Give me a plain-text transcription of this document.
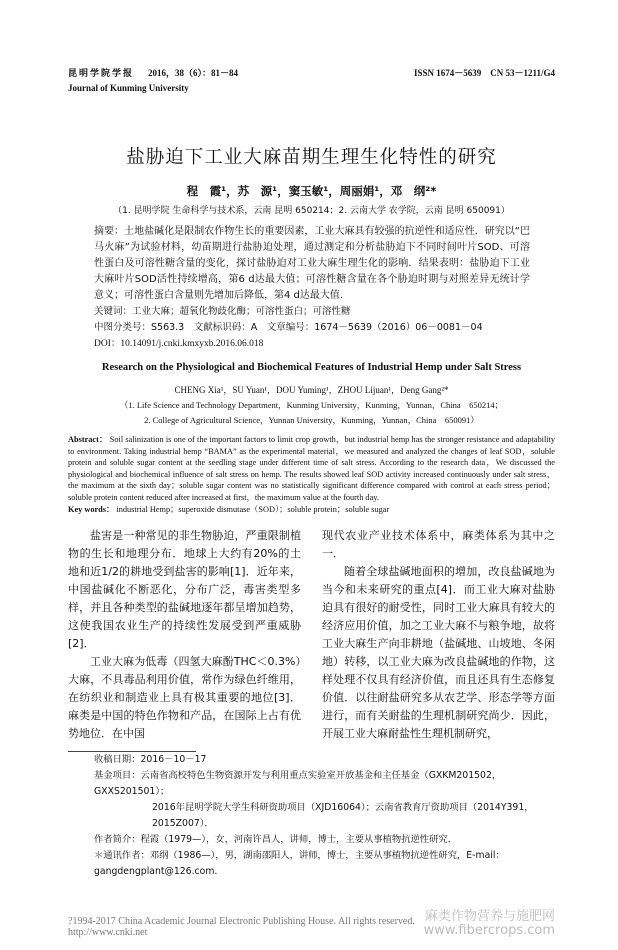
昆明学院学报 2016，38（6）：81－84	ISSN 1674－5639　CN 53－1211/G4
Journal of Kunming University
盐胁迫下工业大麻苗期生理生化特性的研究
程　霞¹，苏　源¹，窦玉敏¹，周丽娟¹，邓　纲²*
（1. 昆明学院 生命科学与技术系，云南 昆明 650214；2. 云南大学 农学院，云南 昆明 650091）
摘要：土地盐碱化是限制农作物生长的重要因素，工业大麻具有较强的抗逆性和适应性．研究以“巴马火麻”为试验材料，幼苗期进行盐胁迫处理，通过测定和分析盐胁迫下不同时间叶片SOD、可溶性蛋白及可溶性糖含量的变化，探讨盐胁迫对工业大麻生理生化的影响．结果表明：盐胁迫下工业大麻叶片SOD活性持续增高，第6 d达最大值；可溶性糖含量在各个胁迫时期与对照差异无统计学意义；可溶性蛋白含量则先增加后降低，第4 d达最大值．
关键词：工业大麻；超氧化物歧化酶；可溶性蛋白；可溶性糖
中图分类号：S563.3　文献标识码：A　文章编号：1674－5639（2016）06－0081－04
DOI：10.14091/j.cnki.kmxyxb.2016.06.018
Research on the Physiological and Biochemical Features of Industrial Hemp under Salt Stress
CHENG Xia¹，SU Yuan¹，DOU Yuming¹，ZHOU Lijuan¹，Deng Gang²*
（1. Life Science and Technology Department，Kunming University，Kunming，Yunnan，China　650214；
2. College of Agricultural Science，Yunnan University，Kunming，Yunnan，China　650091）
Abstract： Soil salinization is one of the important factors to limit crop growth，but industrial hemp has the stronger resistance and adaptability to environment. Taking industrial hemp “BAMA” as the experimental material，we measured and analyzed the changes of leaf SOD，soluble protein and soluble sugar content at the seedling stage under different time of salt stress. According to the research data，We discussed the physiological and biochemical influence of salt stress on hemp. The results showed leaf SOD activity increased continuously under salt stress，the maximum at the sixth day；soluble sugar content was no statistically significant difference compared with control at each stress period；soluble protein content reduced after increased at first，the maximum value at the fourth day.
Key words： industrial Hemp；superoxide dismutase（SOD）；soluble protein；soluble sugar

盐害是一种常见的非生物胁迫，严重限制植物的生长和地理分布．地球上大约有20%的土地和近1/2的耕地受到盐害的影响[1]．近年来，中国盐碱化不断恶化，分布广泛，毒害类型多样，并且各种类型的盐碱地逐年都呈增加趋势，这使我国农业生产的持续性发展受到严重威胁[2]．

工业大麻为低毒（四氢大麻酚THC＜0.3%）大麻，不具毒品利用价值，常作为绿色纤维用，在纺织业和制造业上具有极其重要的地位[3]．麻类是中国的特色作物和产品，在国际上占有优势地位．在中国

现代农业产业技术体系中，麻类体系为其中之一．

随着全球盐碱地面积的增加，改良盐碱地为当今和未来研究的重点[4]．而工业大麻对盐胁迫具有很好的耐受性，同时工业大麻具有较大的经济应用价值，加之工业大麻不与粮争地，故将工业大麻生产向非耕地（盐碱地、山坡地、冬闲地）转移，以工业大麻为改良盐碱地的作物，这样处理不仅具有经济价值，而且还具有生态修复价值．以往耐盐研究多从农艺学、形态学等方面进行，而有关耐盐的生理机制研究尚少．因此，开展工业大麻耐盐性生理机制研究，

收稿日期：2016－10－17
基金项目：云南省高校特色生物资源开发与利用重点实验室开放基金和主任基金（GXKM201502，GXXS201501）；
2016年昆明学院大学生科研资助项目（XJD16064）；云南省教育厅资助项目（2014Y391，2015Z007）．
作者简介：程霞（1979—），女，河南许昌人，讲师，博士，主要从事植物抗逆性研究．
＊通讯作者：邓纲（1986—），男，湖南邵阳人，讲师，博士，主要从事植物抗逆性研究，E-mail：gangdengplant@126.com.
?1994-2017 China Academic Journal Electronic Publishing House. All rights reserved.　http://www.cnki.net
麻类作物营养与施肥网
www.fibercrops.com
